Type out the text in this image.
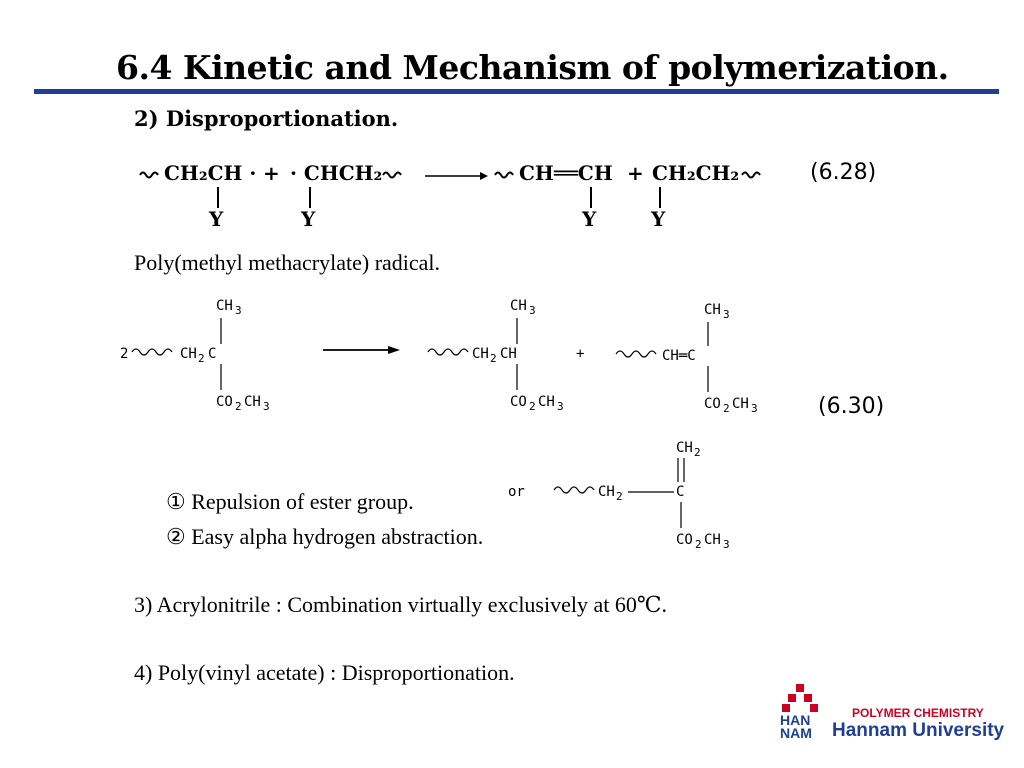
6.4 Kinetic and Mechanism of polymerization.
2) Disproportionation.
CH₂CH ·
Y
+ · CHCH₂
Y
CH══CH
Y
+ CH₂CH₂
Y
(6.28)
Poly(methyl methacrylate) radical.
2	CH 2 C
CH 3
CO 2 CH 3
CH 2 CH
CH 3
CO 2 CH 3
+	CH═C
CH 3
CO 2 CH 3
or	CH 2	C
CH 2
CO 2 CH 3
(6.30)
① Repulsion of ester group.
② Easy alpha hydrogen abstraction.
3) Acrylonitrile : Combination virtually exclusively at 60℃.
4) Poly(vinyl acetate) : Disproportionation.
HAN
NAM
POLYMER CHEMISTRY
Hannam University
